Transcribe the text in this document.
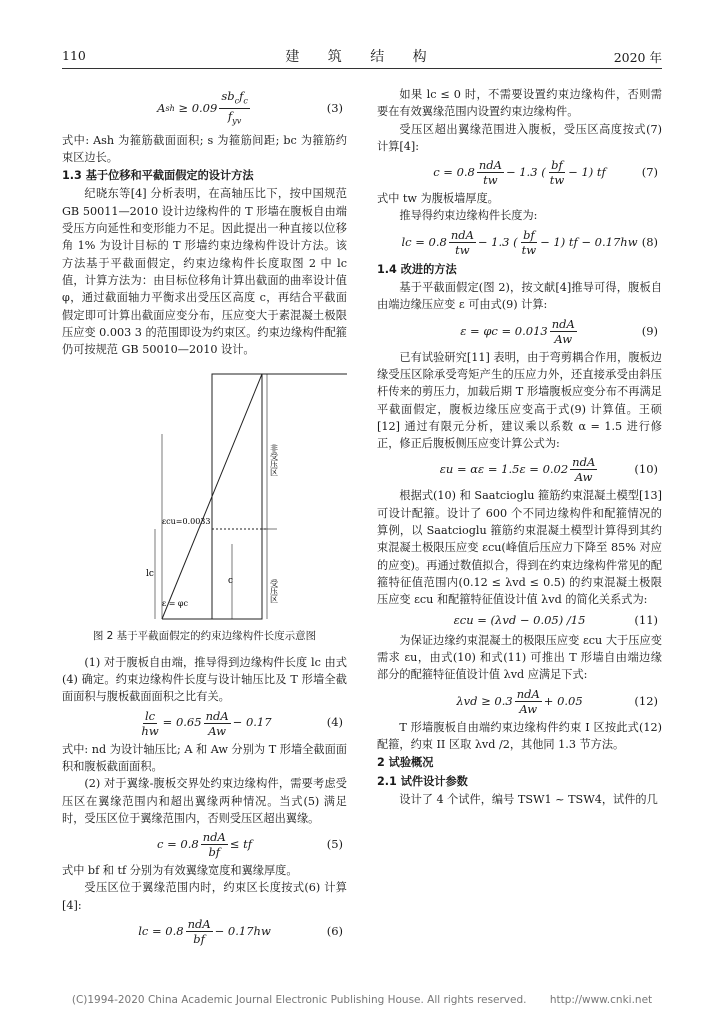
110	建 筑 结 构	2020 年
A sh
≥ 0.09
$sb_cf_c$
$f_{yv}$
(3)

式中: Ash 为箍筋截面面积; s 为箍筋间距; bc 为箍筋约束区边长。

1.3 基于位移和平截面假定的设计方法

纪晓东等[4] 分析表明，在高轴压比下，按中国规范 GB 50011—2010 设计边缘构件的 T 形墙在腹板自由端受压方向延性和变形能力不足。因此提出一种直接以位移角 1% 为设计目标的 T 形墙约束边缘构件设计方法。该方法基于平截面假定，约束边缘构件长度取图 2 中 lc 值，计算方法为：由目标位移角计算出截面的曲率设计值 φ，通过截面轴力平衡求出受压区高度 c，再结合平截面假定即可计算出截面应变分布，压应变大于素混凝土极限压应变 0.003 3 的范围即设为约束区。约束边缘构件配箍仍可按规范 GB 50010—2010 设计。

εcu=0.0033
ε = φc
lc
c	受压区
非受压区
图 2 基于平截面假定的约束边缘构件长度示意图

(1) 对于腹板自由端，推导得到边缘构件长度 lc 由式(4) 确定。约束边缘构件长度与设计轴压比及 T 形墙全截面面积与腹板截面面积之比有关。

$\frac{lc}{hw} = 0.65$ ndA
Aw
− 0.17	(4)

式中: nd 为设计轴压比; A 和 Aw 分别为 T 形墙全截面面积和腹板截面面积。

(2) 对于翼缘-腹板交界处约束边缘构件，需要考虑受压区在翼缘范围内和超出翼缘两种情况。当式(5) 满足时，受压区位于翼缘范围内，否则受压区超出翼缘。

c = 0.8 ndA
bf
≤ tf	(5)

式中 bf 和 tf 分别为有效翼缘宽度和翼缘厚度。

受压区位于翼缘范围内时，约束区长度按式(6) 计算[4]:

lc = 0.8 ndA
bf
− 0.17hw	(6)

如果 lc ≤ 0 时，不需要设置约束边缘构件，否则需要在有效翼缘范围内设置约束边缘构件。

受压区超出翼缘范围进入腹板，受压区高度按式(7) 计算[4]:

c = 0.8 ndA
tw
− 1.3 ( bf
tw
− 1) tf	(7)

式中 tw 为腹板墙厚度。

推导得约束边缘构件长度为:

lc = 0.8 ndA
tw
− 1.3 ( bf
tw
− 1) tf − 0.17hw (8)
1.4 改进的方法

基于平截面假定(图 2)，按文献[4]推导可得，腹板自由端边缘压应变 ε 可由式(9) 计算:

ε = φc = 0.013 ndA
Aw
(9)

已有试验研究[11] 表明，由于弯剪耦合作用，腹板边缘受压区除承受弯矩产生的压应力外，还直接承受由斜压杆传来的剪压力，加载后期 T 形墙腹板应变分布不再满足平截面假定，腹板边缘压应变高于式(9) 计算值。王硕[12] 通过有限元分析，建议乘以系数 α = 1.5 进行修正，修正后腹板侧压应变计算公式为:

εu = αε = 1.5ε = 0.02 ndA
Aw
(10)

根据式(10) 和 Saatcioglu 箍筋约束混凝土模型[13] 可设计配箍。设计了 600 个不同边缘构件和配箍情况的算例，以 Saatcioglu 箍筋约束混凝土模型计算得到其约束混凝土极限压应变 εcu(峰值后压应力下降至 85% 对应的应变)。再通过数值拟合，得到在约束边缘构件常见的配箍特征值范围内(0.12 ≤ λvd ≤ 0.5) 的约束混凝土极限压应变 εcu 和配箍特征值设计值 λvd 的简化关系式为:

εcu = (λvd − 0.05) /15	(11)

为保证边缘约束混凝土的极限压应变 εcu 大于压应变需求 εu，由式(10) 和式(11) 可推出 T 形墙自由端边缘部分的配箍特征值设计值 λvd 应满足下式:

λvd ≥ 0.3 ndA
Aw
+ 0.05	(12)

T 形墙腹板自由端约束边缘构件约束 I 区按此式(12) 配箍，约束 II 区取 λvd /2，其他同 1.3 节方法。

2 试验概况
2.1 试件设计参数

设计了 4 个试件，编号 TSW1 ~ TSW4，试件的几

(C)1994-2020 China Academic Journal Electronic Publishing House. All rights reserved. http://www.cnki.net
